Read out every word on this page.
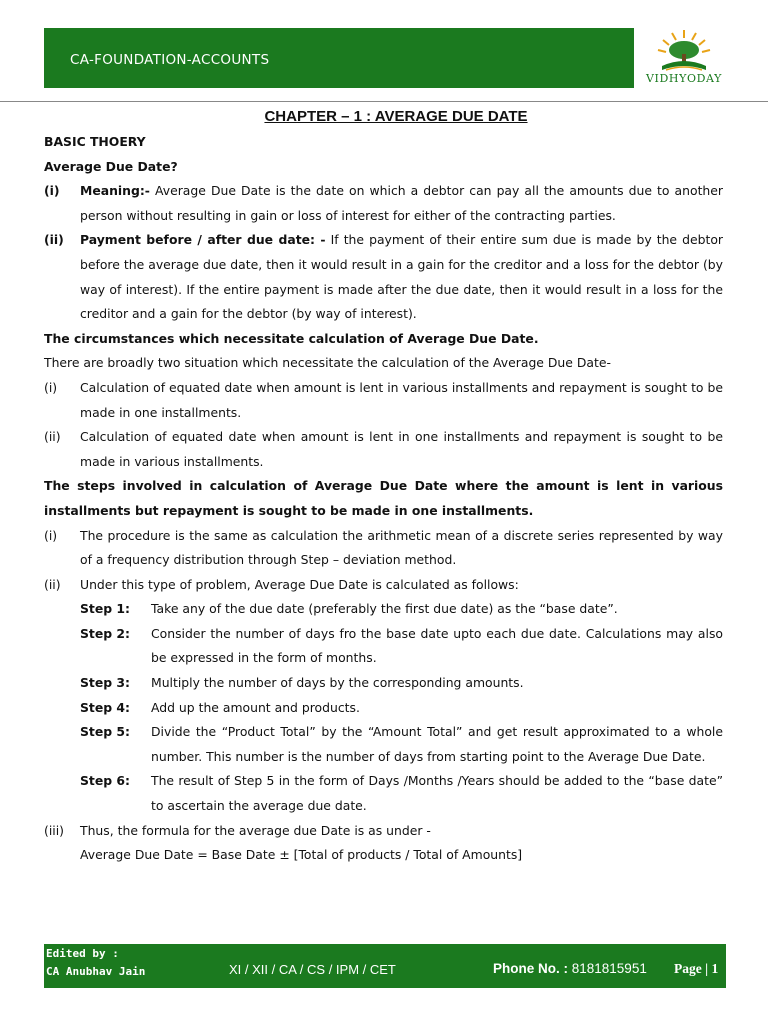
CA-FOUNDATION-ACCOUNTS
VIDHYODAY
CHAPTER – 1 : AVERAGE DUE DATE
BASIC THOERY
Average Due Date?
(i) Meaning:- Average Due Date is the date on which a debtor can pay all the amounts due to another person without resulting in gain or loss of interest for either of the contracting parties.
(ii) Payment before / after due date: - If the payment of their entire sum due is made by the debtor before the average due date, then it would result in a gain for the creditor and a loss for the debtor (by way of interest). If the entire payment is made after the due date, then it would result in a loss for the creditor and a gain for the debtor (by way of interest).
The circumstances which necessitate calculation of Average Due Date.
There are broadly two situation which necessitate the calculation of the Average Due Date-
(i) Calculation of equated date when amount is lent in various installments and repayment is sought to be made in one installments.
(ii) Calculation of equated date when amount is lent in one installments and repayment is sought to be made in various installments.
The steps involved in calculation of Average Due Date where the amount is lent in various installments but repayment is sought to be made in one installments.
(i) The procedure is the same as calculation the arithmetic mean of a discrete series represented by way of a frequency distribution through Step – deviation method.
(ii) Under this type of problem, Average Due Date is calculated as follows:
Step 1: Take any of the due date (preferably the first due date) as the “base date”.
Step 2: Consider the number of days fro the base date upto each due date. Calculations may also be expressed in the form of months.
Step 3: Multiply the number of days by the corresponding amounts.
Step 4: Add up the amount and products.
Step 5: Divide the “Product Total” by the “Amount Total” and get result approximated to a whole number. This number is the number of days from starting point to the Average Due Date.
Step 6: The result of Step 5 in the form of Days /Months /Years should be added to the “base date” to ascertain the average due date.
(iii) Thus, the formula for the average due Date is as under -
Average Due Date = Base Date ± [Total of products / Total of Amounts]
Edited by :
CA Anubhav Jain	XI / XII / CA / CS / IPM / CET	Phone No. : 8181815951 Page | 1
